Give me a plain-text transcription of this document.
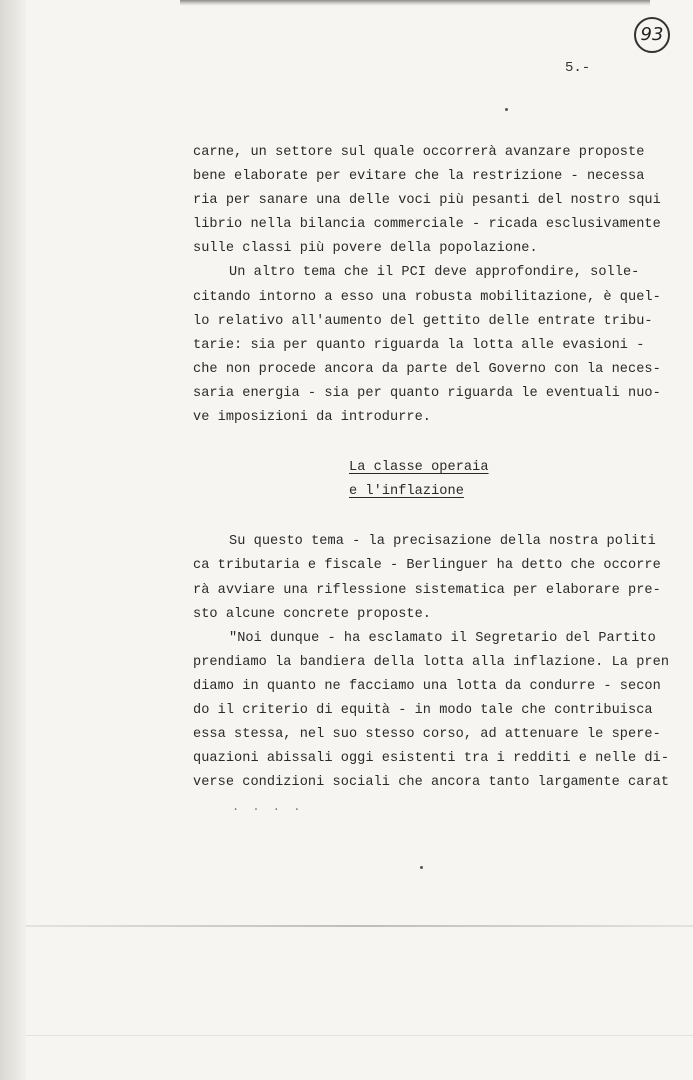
93
5.-
carne, un settore sul quale occorrerà avanzare proposte
bene elaborate per evitare che la restrizione - necessa
ria per sanare una delle voci più pesanti del nostro squi
librio nella bilancia commerciale - ricada esclusivamente
sulle classi più povere della popolazione.
Un altro tema che il PCI deve approfondire, solle-
citando intorno a esso una robusta mobilitazione, è quel-
lo relativo all'aumento del gettito delle entrate tribu-
tarie: sia per quanto riguarda la lotta alle evasioni -
che non procede ancora da parte del Governo con la neces-
saria energia - sia per quanto riguarda le eventuali nuo-
ve imposizioni da introdurre.
La classe operaia
e l'inflazione
Su questo tema - la precisazione della nostra politi
ca tributaria e fiscale - Berlinguer ha detto che occorre
rà avviare una riflessione sistematica per elaborare pre-
sto alcune concrete proposte.
"Noi dunque - ha esclamato il Segretario del Partito
prendiamo la bandiera della lotta alla inflazione. La pren
diamo in quanto ne facciamo una lotta da condurre - secon
do il criterio di equità - in modo tale che contribuisca
essa stessa, nel suo stesso corso, ad attenuare le spere-
quazioni abissali oggi esistenti tra i redditi e nelle di-
verse condizioni sociali che ancora tanto largamente carat
. . . .
